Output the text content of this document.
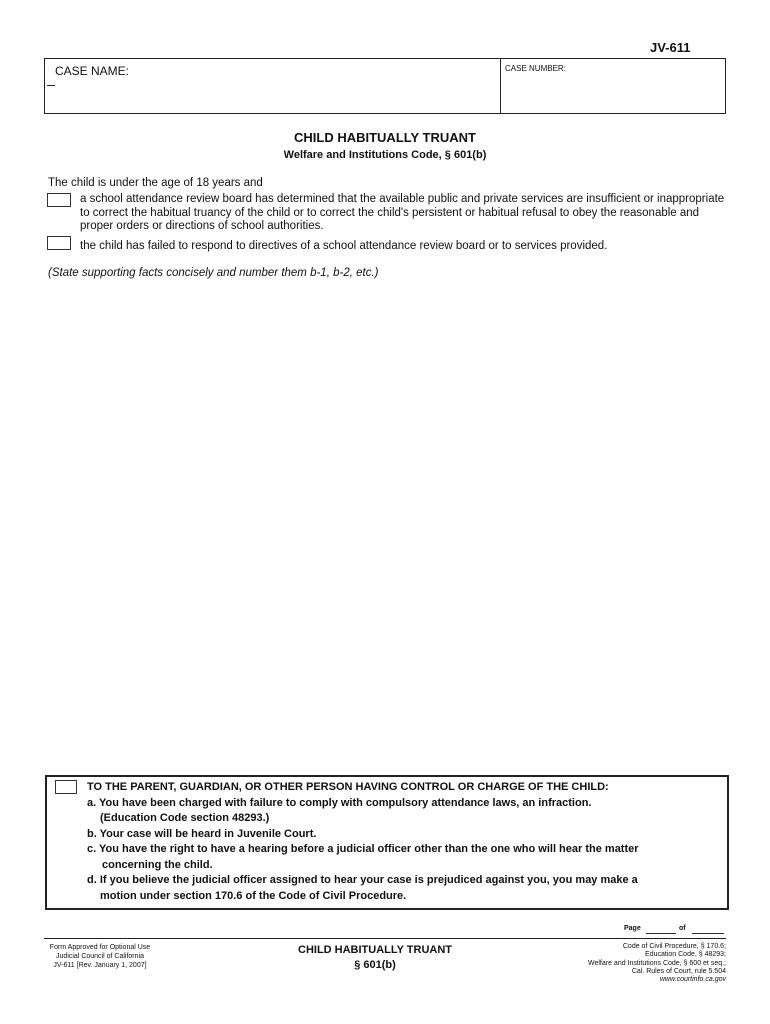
JV-611
CASE NAME:	CASE NUMBER:
CHILD HABITUALLY TRUANT
Welfare and Institutions Code, § 601(b)
The child is under the age of 18 years and
a school attendance review board has determined that the available public and private services are insufficient or inappropriate
to correct the habitual truancy of the child or to correct the child's persistent or habitual refusal to obey the reasonable and
proper orders or directions of school authorities.
the child has failed to respond to directives of a school attendance review board or to services provided.
(State supporting facts concisely and number them b-1, b-2, etc.)
TO THE PARENT, GUARDIAN, OR OTHER PERSON HAVING CONTROL OR CHARGE OF THE CHILD:
a. You have been charged with failure to comply with compulsory attendance laws, an infraction.
(Education Code section 48293.)
b. Your case will be heard in Juvenile Court.
c. You have the right to have a hearing before a judicial officer other than the one who will hear the matter
concerning the child.
d. If you believe the judicial officer assigned to hear your case is prejudiced against you, you may make a
motion under section 170.6 of the Code of Civil Procedure.
Page	of
Form Approved for Optional Use
Judicial Council of California
JV-611 [Rev. January 1, 2007]
CHILD HABITUALLY TRUANT
§ 601(b)
Code of Civil Procedure, § 170.6;
Education Code, § 48293;
Welfare and Institutions Code, § 600 et seq.;
Cal. Rules of Court, rule 5.504
www.courtinfo.ca.gov
